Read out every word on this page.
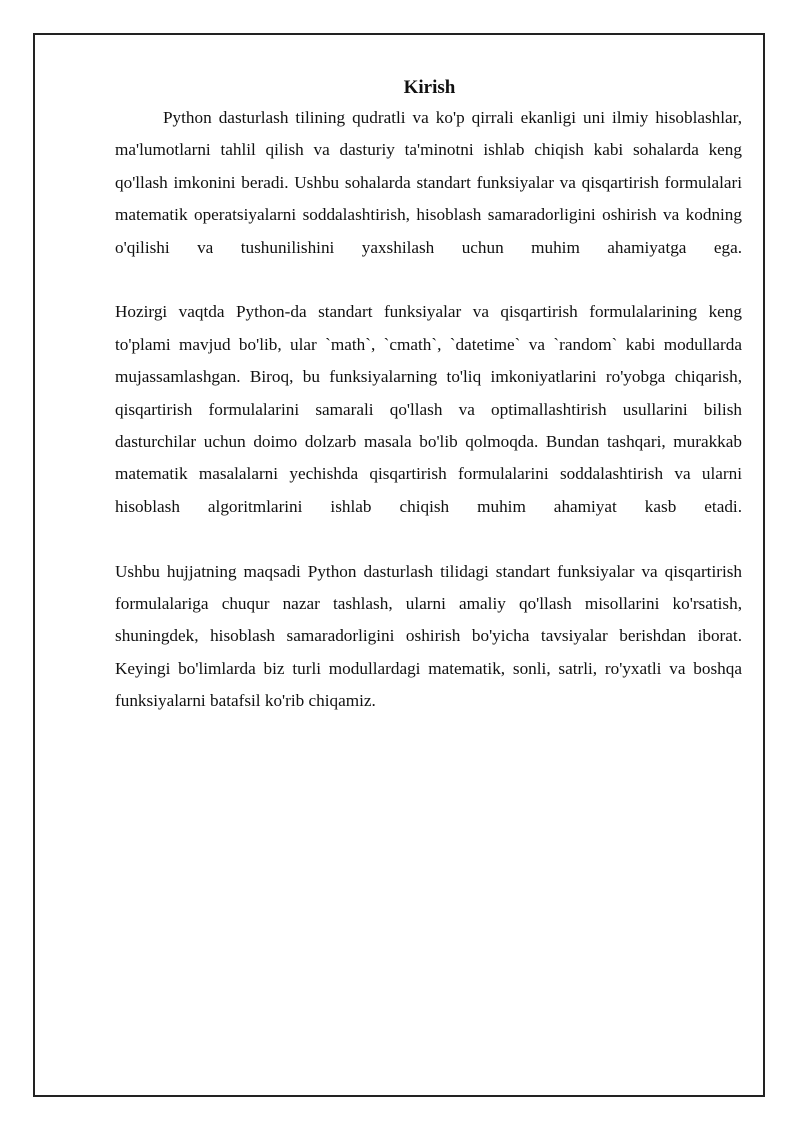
Kirish

Python dasturlash tilining qudratli va ko'p qirrali ekanligi uni ilmiy hisoblashlar, ma'lumotlarni tahlil qilish va dasturiy ta'minotni ishlab chiqish kabi sohalarda keng qo'llash imkonini beradi. Ushbu sohalarda standart funksiyalar va qisqartirish formulalari matematik operatsiyalarni soddalashtirish, hisoblash samaradorligini oshirish va kodning o'qilishi va tushunilishini yaxshilash uchun muhim ahamiyatga ega.

Hozirgi vaqtda Python-da standart funksiyalar va qisqartirish formulalarining keng to'plami mavjud bo'lib, ular `math`, `cmath`, `datetime` va `random` kabi modullarda mujassamlashgan. Biroq, bu funksiyalarning to'liq imkoniyatlarini ro'yobga chiqarish, qisqartirish formulalarini samarali qo'llash va optimallashtirish usullarini bilish dasturchilar uchun doimo dolzarb masala bo'lib qolmoqda. Bundan tashqari, murakkab matematik masalalarni yechishda qisqartirish formulalarini soddalashtirish va ularni hisoblash algoritmlarini ishlab chiqish muhim ahamiyat kasb etadi.

Ushbu hujjatning maqsadi Python dasturlash tilidagi standart funksiyalar va qisqartirish formulalariga chuqur nazar tashlash, ularni amaliy qo'llash misollarini ko'rsatish, shuningdek, hisoblash samaradorligini oshirish bo'yicha tavsiyalar berishdan iborat. Keyingi bo'limlarda biz turli modullardagi matematik, sonli, satrli, ro'yxatli va boshqa funksiyalarni batafsil ko'rib chiqamiz.
